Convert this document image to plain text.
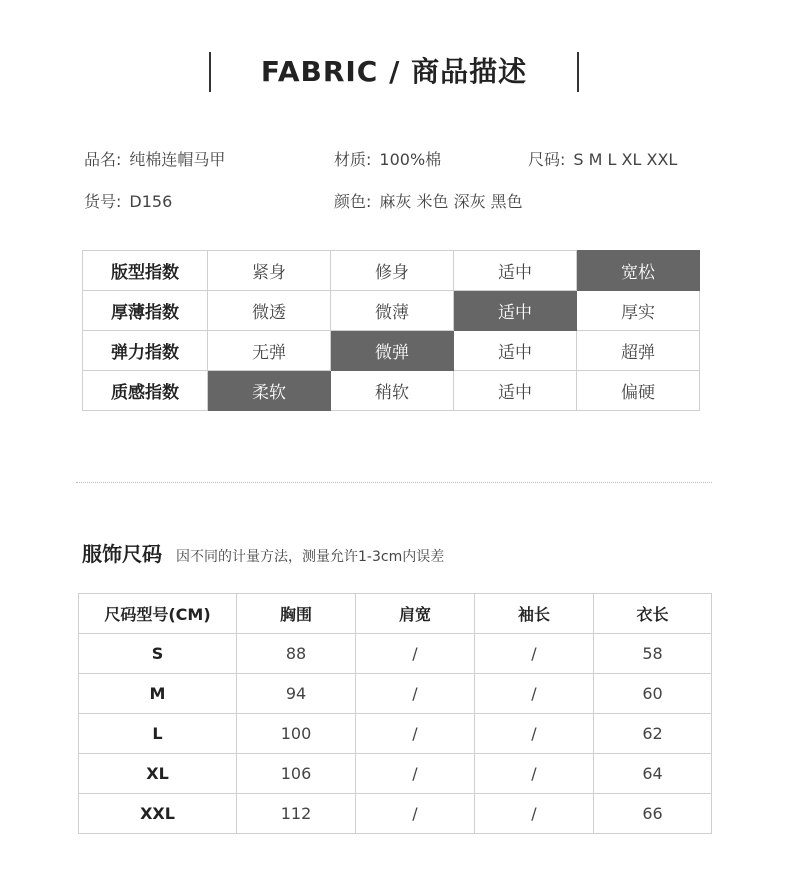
FABRIC / 商品描述
品名: 纯棉连帽马甲	材质: 100%棉	尺码: S M L XL XXL
货号: D156	颜色: 麻灰 米色 深灰 黑色
版型指数	紧身	修身	适中	宽松
厚薄指数	微透	微薄	适中	厚实
弹力指数	无弹	微弹	适中	超弹
质感指数	柔软	稍软	适中	偏硬
服饰尺码 因不同的计量方法，测量允许1-3cm内误差
尺码型号(CM)	胸围	肩宽	袖长	衣长
S	88	/	/	58
M	94	/	/	60
L	100	/	/	62
XL	106	/	/	64
XXL	112	/	/	66
